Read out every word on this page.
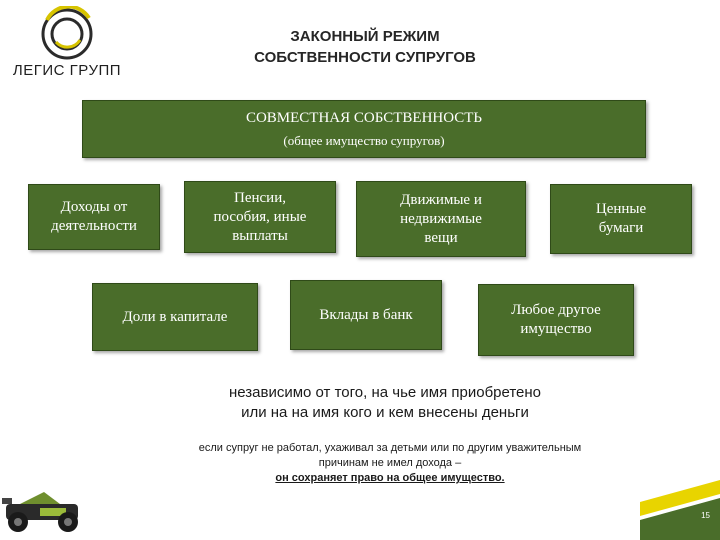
ЛЕГИС ГРУПП
ЗАКОННЫЙ РЕЖИМ
СОБСТВЕННОСТИ СУПРУГОВ
СОВМЕСТНАЯ СОБСТВЕННОСТЬ
(общее имущество супругов)
Доходы от
деятельности
Пенсии,
пособия, иные
выплаты
Движимые и
недвижимые
вещи
Ценные
бумаги
Доли в капитале	Вклады в банк	Любое другое
имущество
независимо от того, на чье имя приобретено
или на на имя кого и кем внесены деньги
если супруг не работал, ухаживал за детьми или по другим уважительным
причинам не имел дохода –
он сохраняет право на общее имущество.
15
